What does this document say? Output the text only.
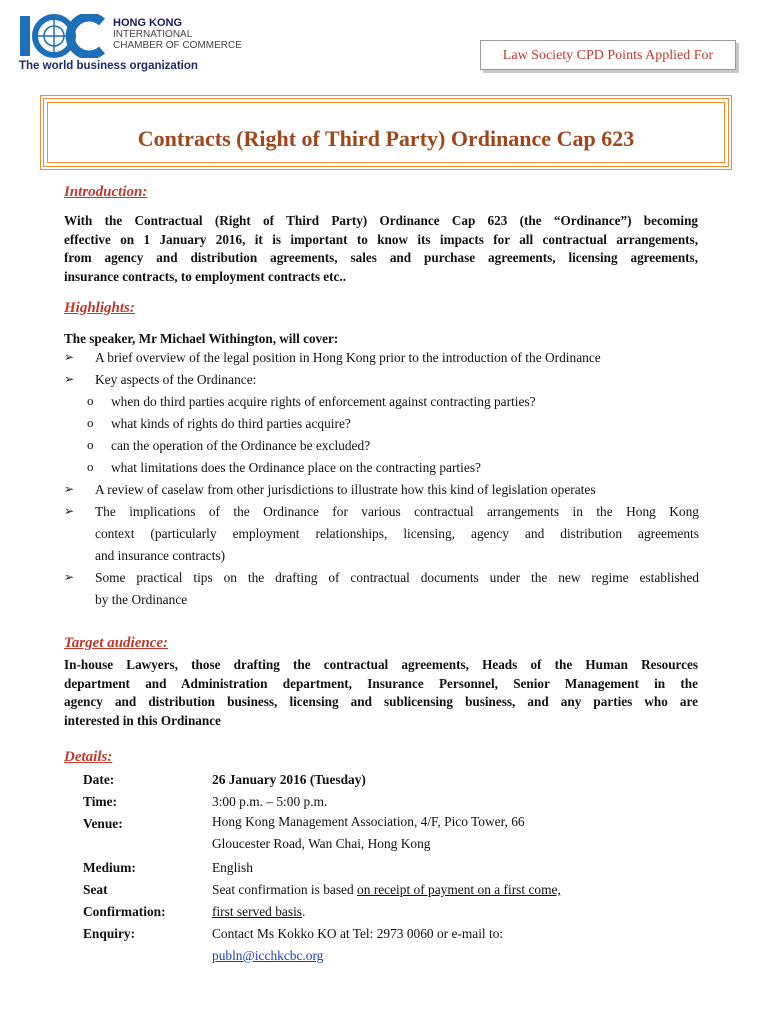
HONG KONG
INTERNATIONAL
CHAMBER OF COMMERCE
The world business organization
Law Society CPD Points Applied For
Contracts (Right of Third Party) Ordinance Cap 623
Introduction:
With the Contractual (Right of Third Party) Ordinance Cap 623 (the “Ordinance”) becoming
effective on 1 January 2016, it is important to know its impacts for all contractual arrangements,
from agency and distribution agreements, sales and purchase agreements, licensing agreements,
insurance contracts, to employment contracts etc..
Highlights:
The speaker, Mr Michael Withington, will cover:
➢ A brief overview of the legal position in Hong Kong prior to the introduction of the Ordinance
➢ Key aspects of the Ordinance:
o when do third parties acquire rights of enforcement against contracting parties?
o what kinds of rights do third parties acquire?
o can the operation of the Ordinance be excluded?
o what limitations does the Ordinance place on the contracting parties?
➢ A review of caselaw from other jurisdictions to illustrate how this kind of legislation operates
➢ The implications of the Ordinance for various contractual arrangements in the Hong Kong
context (particularly employment relationships, licensing, agency and distribution agreements
and insurance contracts)
➢ Some practical tips on the drafting of contractual documents under the new regime established
by the Ordinance
Target audience:
In-house Lawyers, those drafting the contractual agreements, Heads of the Human Resources
department and Administration department, Insurance Personnel, Senior Management in the
agency and distribution business, licensing and sublicensing business, and any parties who are
interested in this Ordinance
Details:
Date:	26 January 2016 (Tuesday)
Time:	3:00 p.m. – 5:00 p.m.
Venue:	Hong Kong Management Association, 4/F, Pico Tower, 66
Gloucester Road, Wan Chai, Hong Kong
Medium:	English
Seat
Confirmation:
Seat confirmation is based on receipt of payment on a first come,
first served basis.
Enquiry:	Contact Ms Kokko KO at Tel: 2973 0060 or e-mail to:
publn@icchkcbc.org
